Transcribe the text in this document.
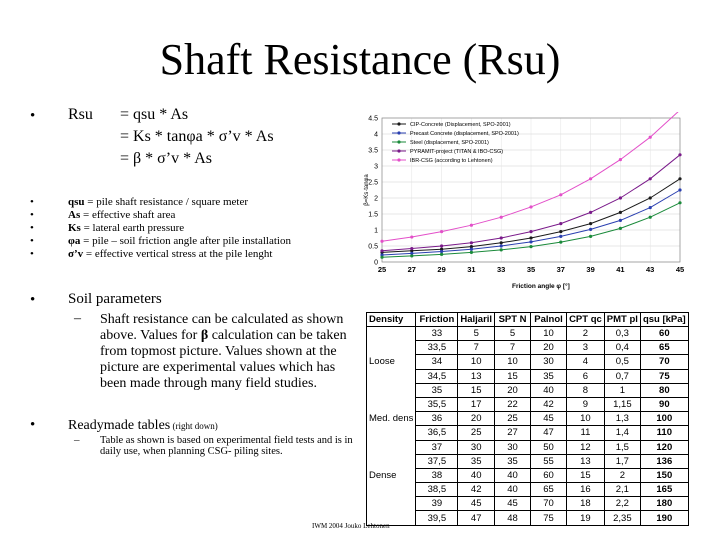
Shaft Resistance (Rsu)
• Rsu = qsu * As
= Ks * tanφa * σ’v * As
= β * σ’v * As
•	qsu = pile shaft resistance / square meter
•	As = effective shaft area
•	Ks = lateral earth pressure
•	φa = pile – soil friction angle after pile installation
•	σ’v = effective vertical stress at the pile lenght
• Soil parameters
– Shaft resistance can be calculated as shown above. Values for β calculation can be taken from topmost picture. Values shown at the picture are experimental values which has been made through many field studies.
• Readymade tables (right down)
– Table as shown is based on experimental field tests and is in daily use, when planning CSG- piling sites.
0
0.5
1
1.5
2
2.5
3
3.5
4
4.5
25	27	29	31	33	35	37	39	41	43	45
CIP-Concrete (Displacement, SPO-2001)
Precast Concrete (displacement, SPO-2001)
Steel (displacement, SPO-2001)
PYRAMIT-project (TITAN & IBO-CSG)
IBR-CSG (according to Lehtonen)
Friction angle φ [°]
β=Ks·tanφa
Density	Friction	Haljaril	SPT N	Palnol	CPT qc	PMT pl	qsu [kPa]
	33	5	5	10	2	0,3	60
	33,5	7	7	20	3	0,4	65
Loose	34	10	10	30	4	0,5	70
	34,5	13	15	35	6	0,7	75
	35	15	20	40	8	1	80
	35,5	17	22	42	9	1,15	90
Med. dens	36	20	25	45	10	1,3	100
	36,5	25	27	47	11	1,4	110
	37	30	30	50	12	1,5	120
	37,5	35	35	55	13	1,7	136
Dense	38	40	40	60	15	2	150
	38,5	42	40	65	16	2,1	165
	39	45	45	70	18	2,2	180
	39,5	47	48	75	19	2,35	190
IWM 2004 Jouko Lehtonen
